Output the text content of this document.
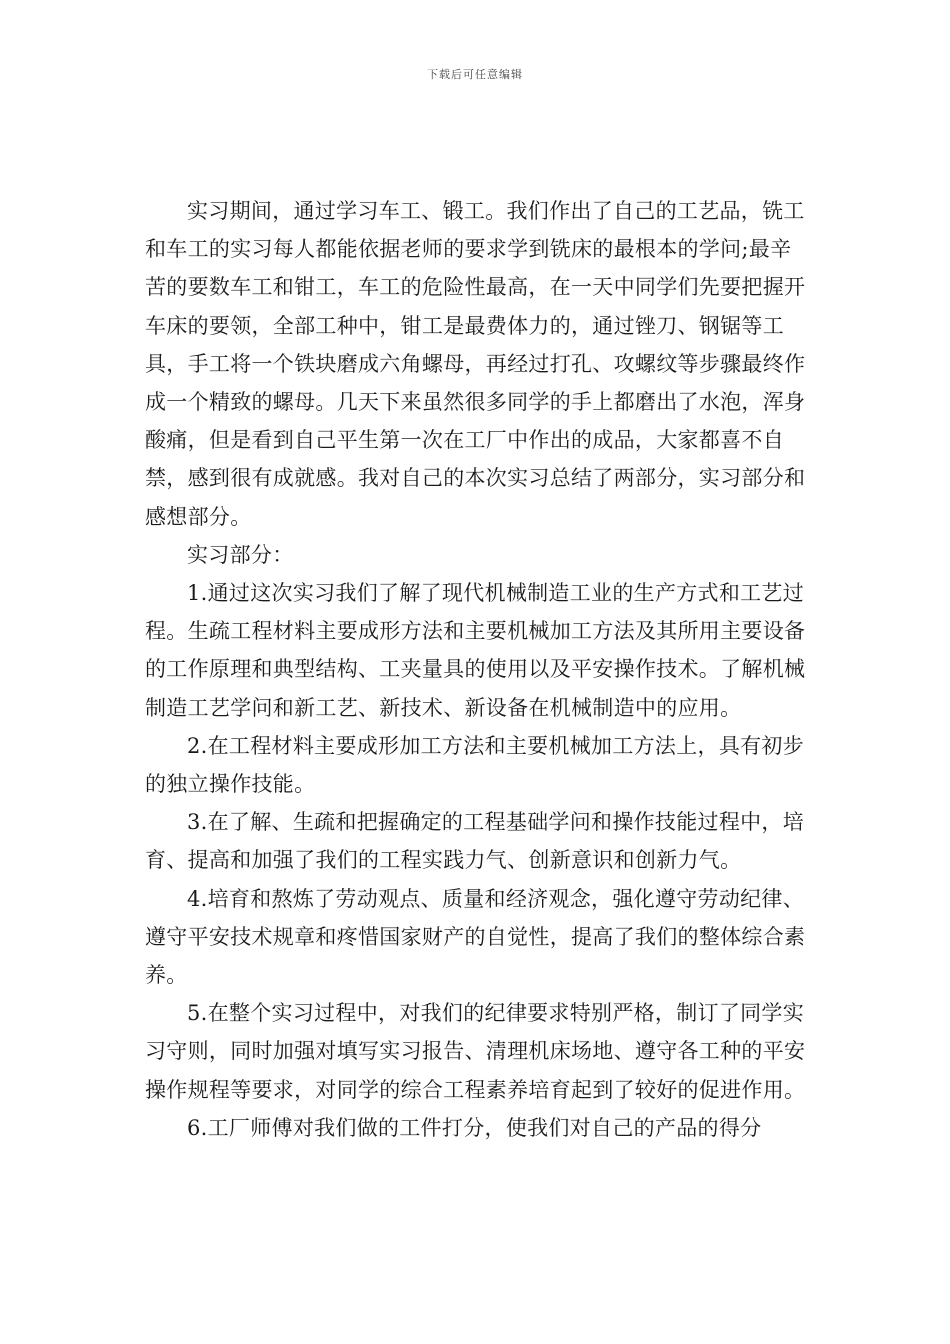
下载后可任意编辑

实习期间，通过学习车工、锻工。我们作出了自己的工艺品，铣工和车工的实习每人都能依据老师的要求学到铣床的最根本的学问;最辛苦的要数车工和钳工，车工的危险性最高，在一天中同学们先要把握开车床的要领，全部工种中，钳工是最费体力的，通过锉刀、钢锯等工具，手工将一个铁块磨成六角螺母，再经过打孔、攻螺纹等步骤最终作成一个精致的螺母。几天下来虽然很多同学的手上都磨出了水泡，浑身酸痛，但是看到自己平生第一次在工厂中作出的成品，大家都喜不自禁，感到很有成就感。我对自己的本次实习总结了两部分，实习部分和感想部分。

实习部分：

1.通过这次实习我们了解了现代机械制造工业的生产方式和工艺过程。生疏工程材料主要成形方法和主要机械加工方法及其所用主要设备的工作原理和典型结构、工夹量具的使用以及平安操作技术。了解机械制造工艺学问和新工艺、新技术、新设备在机械制造中的应用。

2.在工程材料主要成形加工方法和主要机械加工方法上，具有初步的独立操作技能。

3.在了解、生疏和把握确定的工程基础学问和操作技能过程中，培育、提高和加强了我们的工程实践力气、创新意识和创新力气。

4.培育和熬炼了劳动观点、质量和经济观念，强化遵守劳动纪律、遵守平安技术规章和疼惜国家财产的自觉性，提高了我们的整体综合素养。

5.在整个实习过程中，对我们的纪律要求特别严格，制订了同学实习守则，同时加强对填写实习报告、清理机床场地、遵守各工种的平安操作规程等要求，对同学的综合工程素养培育起到了较好的促进作用。

6.工厂师傅对我们做的工件打分，使我们对自己的产品的得分
